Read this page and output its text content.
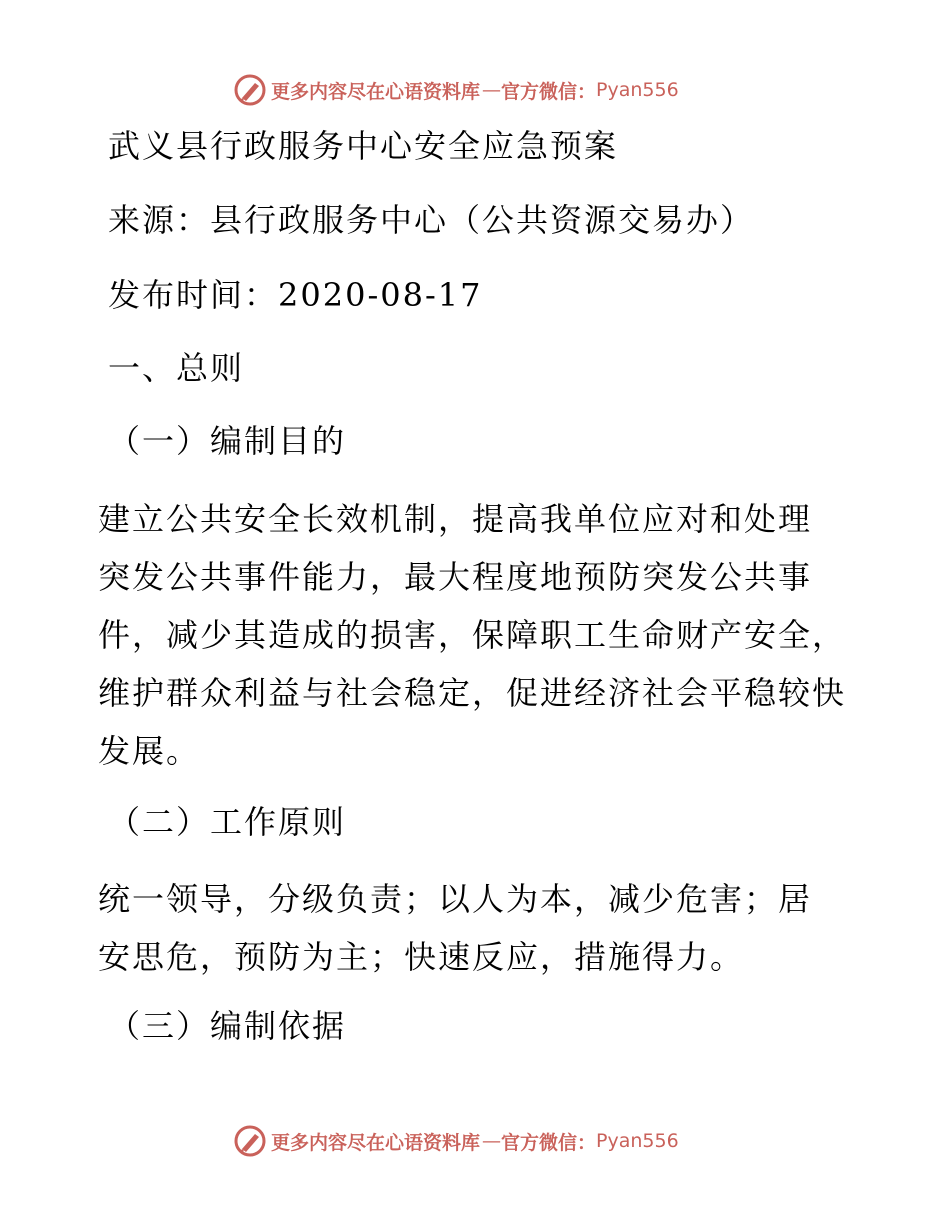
更多内容尽在心语资料库 — 官方微信： Pyan556
武义县行政服务中心安全应急预案
来源：县行政服务中心（公共资源交易办）
发布时间：2020-08-17
一、总则
（一）编制目的
建立公共安全长效机制，提高我单位应对和处理
突发公共事件能力，最大程度地预防突发公共事
件，减少其造成的损害，保障职工生命财产安全，
维护群众利益与社会稳定，促进经济社会平稳较快
发展。
（二）工作原则
统一领导，分级负责；以人为本，减少危害；居
安思危，预防为主；快速反应，措施得力。
（三）编制依据
更多内容尽在心语资料库 — 官方微信： Pyan556
